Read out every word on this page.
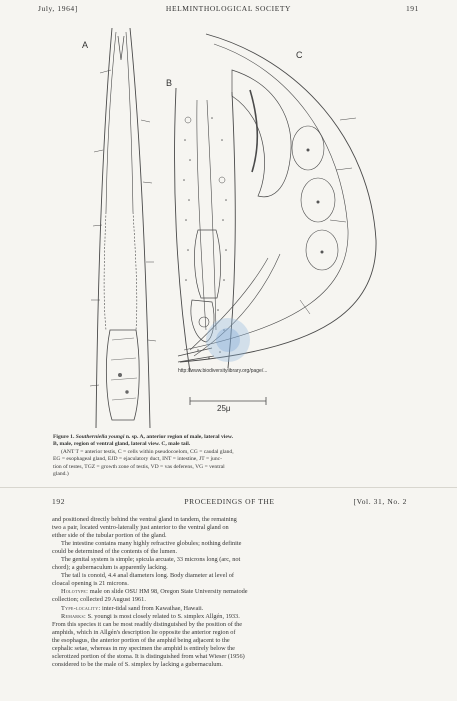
July, 1964]	HELMINTHOLOGICAL SOCIETY	191
A
B
C
25μ
http://www.biodiversitylibrary.org/page/...

Figure 1. Southerniella youngi n. sp. A, anterior region of male, lateral view.

B, male, region of ventral gland, lateral view. C, male tail.

(ANT T = anterior testis, C = cells within pseudocoelom, CG = caudal gland,

EG = esophageal gland, EJD = ejaculatory duct, INT = intestine, JT = junc-

tion of testes, TGZ = growth zone of testis, VD = vas deferens, VG = ventral

gland.)

192	PROCEEDINGS OF THE	[Vol. 31, No. 2

and positioned directly behind the ventral gland in tandem, the remaining

two a pair, located ventro-laterally just anterior to the ventral gland on

either side of the tubular portion of the gland.

The intestine contains many highly refractive globules; nothing definite

could be determined of the contents of the lumen.

The genital system is simple; spicula arcuate, 33 microns long (arc, not

chord); a gubernaculum is apparently lacking.

The tail is conoid, 4.4 anal diameters long. Body diameter at level of

cloacal opening is 21 microns.

Holotype: male on slide OSU HM 98, Oregon State University nematode

collection; collected 29 August 1961.

Type-locality: inter-tidal sand from Kawaihae, Hawaii.

Remarks: S. youngi is most closely related to S. simplex Allgén, 1933.

From this species it can be most readily distinguished by the position of the

amphids, which in Allgén's description lie opposite the anterior region of

the esophagus, the anterior portion of the amphid being adjacent to the

cephalic setae, whereas in my specimen the amphid is entirely below the

sclerotized portion of the stoma. It is distinguished from what Wieser (1956)

considered to be the male of S. simplex by lacking a gubernaculum.
